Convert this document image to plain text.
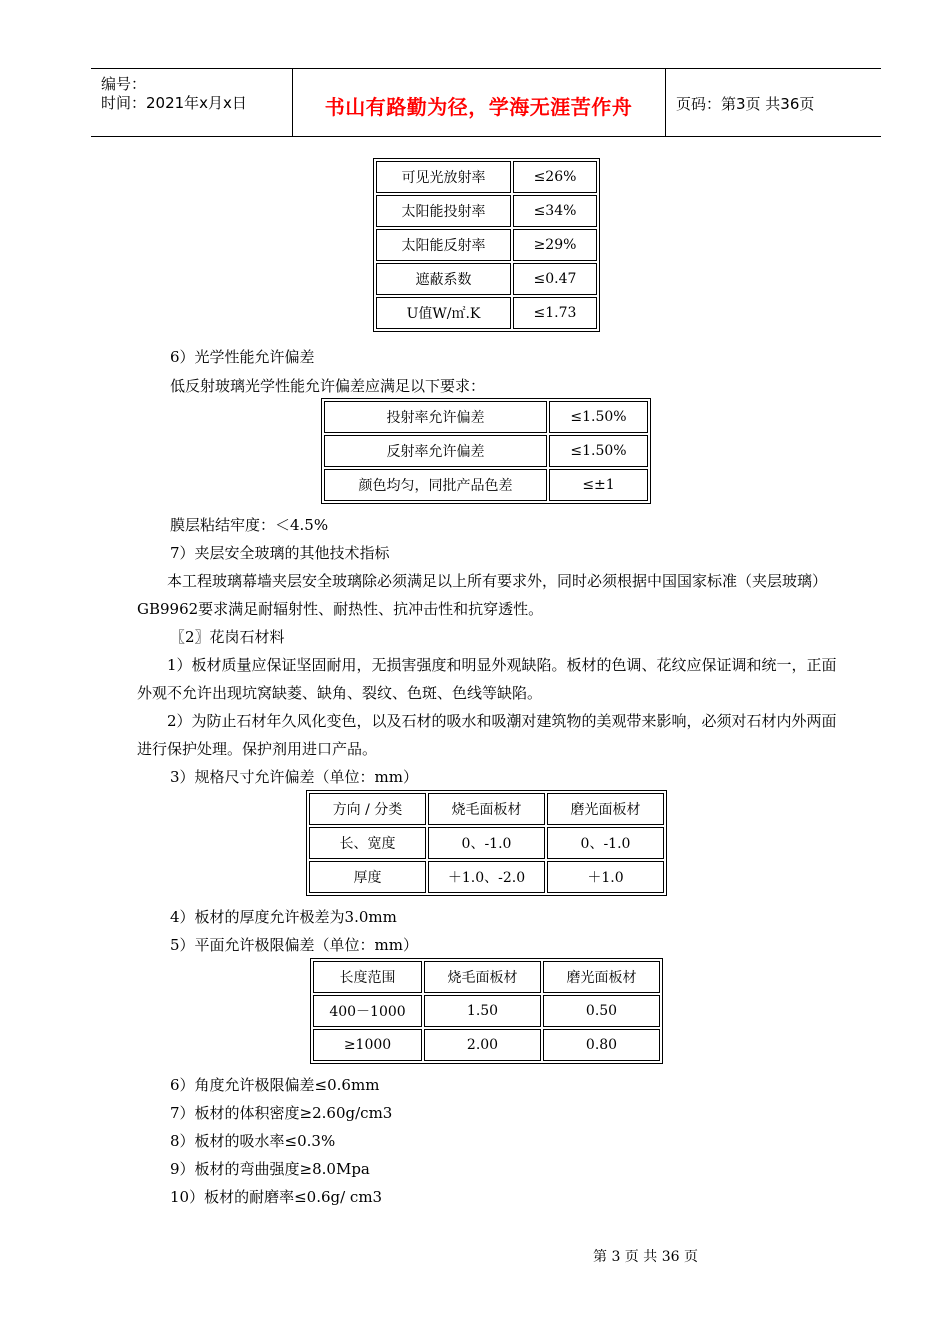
编号：
时间：2021年x月x日	书山有路勤为径，学海无涯苦作舟	页码：第3页 共36页
可见光放射率	≤26%
太阳能投射率	≤34%
太阳能反射率	≥29%
遮蔽系数	≤0.47
U值W/㎡.K	≤1.73
6）光学性能允许偏差
低反射玻璃光学性能允许偏差应满足以下要求：
投射率允许偏差	≤1.50%
反射率允许偏差	≤1.50%
颜色均匀，同批产品色差	≤±1
膜层粘结牢度：＜4.5%
7）夹层安全玻璃的其他技术指标
本工程玻璃幕墙夹层安全玻璃除必须满足以上所有要求外，同时必须根据中国国家标准（夹层玻璃）GB9962要求满足耐辐射性、耐热性、抗冲击性和抗穿透性。
〖2〗花岗石材料
1）板材质量应保证坚固耐用，无损害强度和明显外观缺陷。板材的色调、花纹应保证调和统一，正面外观不允许出现坑窝缺菱、缺角、裂纹、色斑、色线等缺陷。
2）为防止石材年久风化变色，以及石材的吸水和吸潮对建筑物的美观带来影响，必须对石材内外两面进行保护处理。保护剂用进口产品。
3）规格尺寸允许偏差（单位：mm）
方向 / 分类	烧毛面板材	磨光面板材
长、宽度	0、-1.0	0、-1.0
厚度	＋1.0、-2.0	＋1.0
4）板材的厚度允许极差为3.0mm
5）平面允许极限偏差（单位：mm）
长度范围	烧毛面板材	磨光面板材
400－1000	1.50	0.50
≥1000	2.00	0.80
6）角度允许极限偏差≤0.6mm
7）板材的体积密度≥2.60g/cm3
8）板材的吸水率≤0.3%
9）板材的弯曲强度≥8.0Mpa
10）板材的耐磨率≤0.6g/ cm3
第 3 页 共 36 页
